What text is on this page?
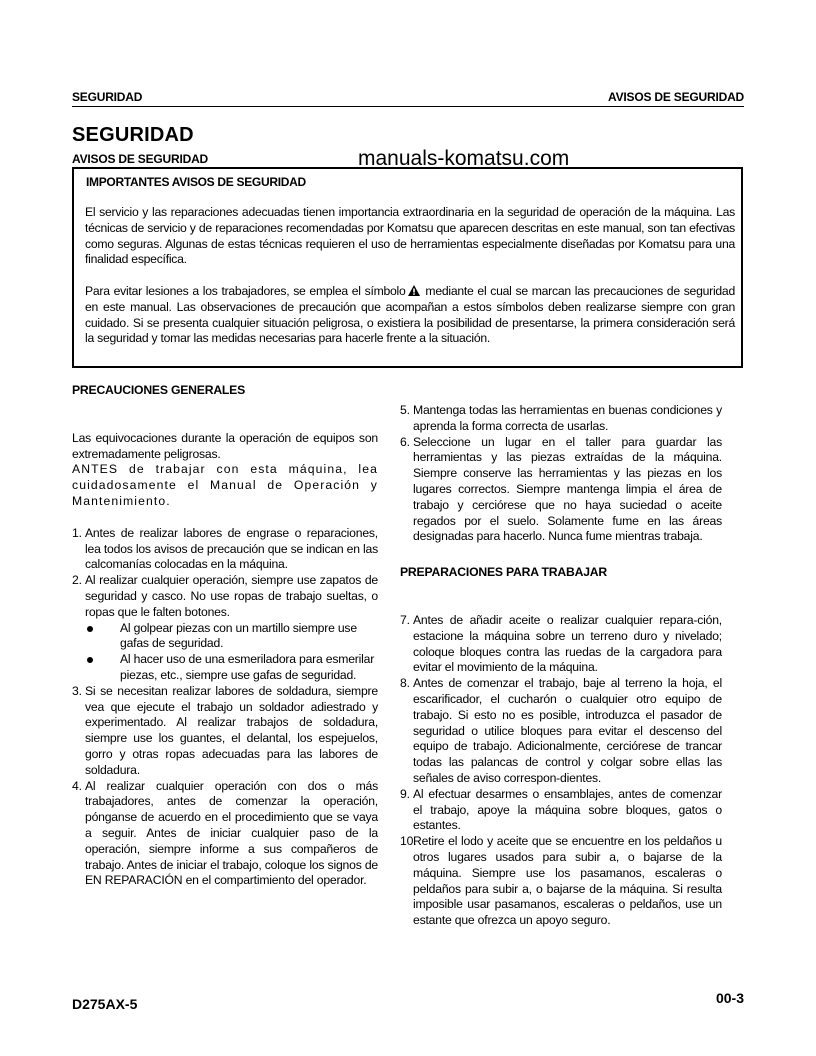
SEGURIDAD	AVISOS DE SEGURIDAD
SEGURIDAD
AVISOS DE SEGURIDAD	manuals-komatsu.com
IMPORTANTES AVISOS DE SEGURIDAD
El servicio y las reparaciones adecuadas tienen importancia extraordinaria en la seguridad de operación de la máquina. Las técnicas de servicio y de reparaciones recomendadas por Komatsu que aparecen descritas en este manual, son tan efectivas como seguras. Algunas de estas técnicas requieren el uso de herramientas especialmente diseñadas por Komatsu para una finalidad específica.
Para evitar lesiones a los trabajadores, se emplea el símbolo mediante el cual se marcan las precauciones de seguridad en este manual. Las observaciones de precaución que acompañan a estos símbolos deben realizarse siempre con gran cuidado. Si se presenta cualquier situación peligrosa, o existiera la posibilidad de presentarse, la primera consideración será la seguridad y tomar las medidas necesarias para hacerle frente a la situación.
PRECAUCIONES GENERALES

Las equivocaciones durante la operación de equipos son extremadamente peligrosas.

ANTES de trabajar con esta máquina, lea cuidadosamente el Manual de Operación y Mantenimiento.

1. Antes de realizar labores de engrase o reparaciones, lea todos los avisos de precaución que se indican en las calcomanías colocadas en la máquina.
2. Al realizar cualquier operación, siempre use zapatos de seguridad y casco. No use ropas de trabajo sueltas, o ropas que le falten botones.
Al golpear piezas con un martillo siempre use gafas de seguridad.
Al hacer uso de una esmeriladora para esmerilar piezas, etc., siempre use gafas de seguridad.
3. Si se necesitan realizar labores de soldadura, siempre vea que ejecute el trabajo un soldador adiestrado y experimentado. Al realizar trabajos de soldadura, siempre use los guantes, el delantal, los espejuelos, gorro y otras ropas adecuadas para las labores de soldadura.
4. Al realizar cualquier operación con dos o más trabajadores, antes de comenzar la operación, pónganse de acuerdo en el procedimiento que se vaya a seguir. Antes de iniciar cualquier paso de la operación, siempre informe a sus compañeros de trabajo. Antes de iniciar el trabajo, coloque los signos de EN REPARACIÓN en el compartimiento del operador.
5. Mantenga todas las herramientas en buenas condiciones y aprenda la forma correcta de usarlas.
6. Seleccione un lugar en el taller para guardar las herramientas y las piezas extraídas de la máquina. Siempre conserve las herramientas y las piezas en los lugares correctos. Siempre mantenga limpia el área de trabajo y cerciórese que no haya suciedad o aceite regados por el suelo. Solamente fume en las áreas designadas para hacerlo. Nunca fume mientras trabaja.
PREPARACIONES PARA TRABAJAR
7. Antes de añadir aceite o realizar cualquier repara-ción, estacione la máquina sobre un terreno duro y nivelado; coloque bloques contra las ruedas de la cargadora para evitar el movimiento de la máquina.
8. Antes de comenzar el trabajo, baje al terreno la hoja, el escarificador, el cucharón o cualquier otro equipo de trabajo. Si esto no es posible, introduzca el pasador de seguridad o utilice bloques para evitar el descenso del equipo de trabajo. Adicionalmente, cerciórese de trancar todas las palancas de control y colgar sobre ellas las señales de aviso correspon-dientes.
9. Al efectuar desarmes o ensamblajes, antes de comenzar el trabajo, apoye la máquina sobre bloques, gatos o estantes.
10.
Retire el lodo y aceite que se encuentre en los peldaños u otros lugares usados para subir a, o bajarse de la máquina. Siempre use los pasamanos, escaleras o peldaños para subir a, o bajarse de la máquina. Si resulta imposible usar pasamanos, escaleras o peldaños, use un estante que ofrezca un apoyo seguro.
D275AX-5	00-3
